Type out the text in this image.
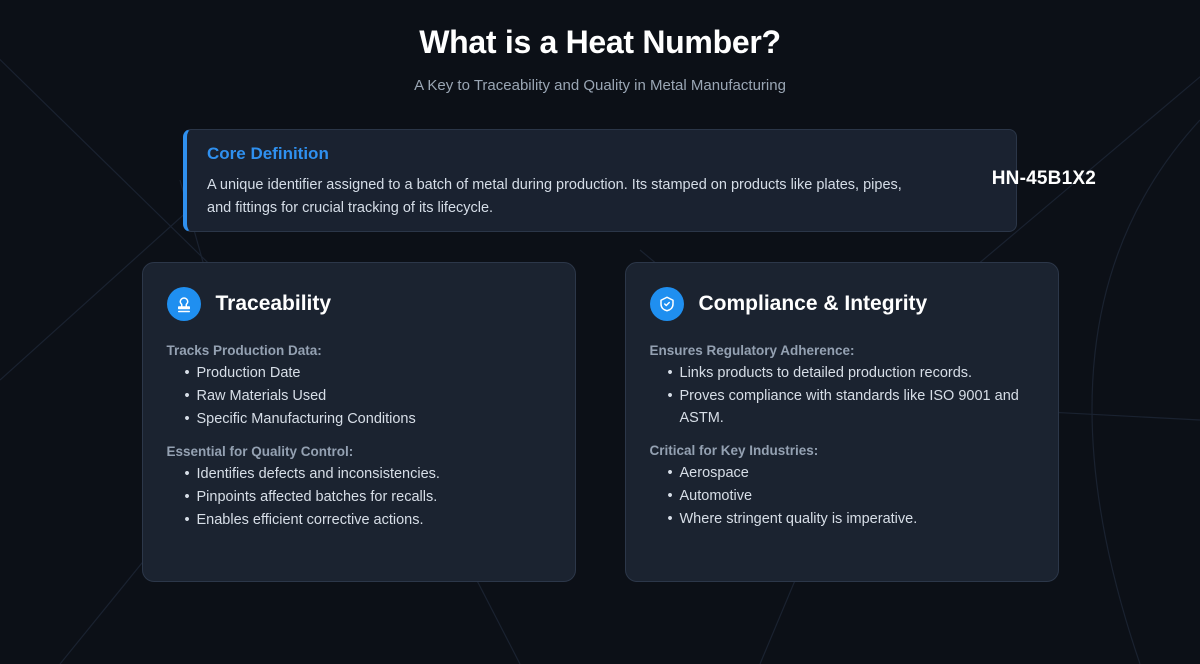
What is a Heat Number?
A Key to Traceability and Quality in Metal Manufacturing
Core Definition
A unique identifier assigned to a batch of metal during production. Its stamped on products like plates, pipes, and fittings for crucial tracking of its lifecycle.
HN-45B1X2
Traceability
Tracks Production Data:
• Production Date
• Raw Materials Used
• Specific Manufacturing Conditions
Essential for Quality Control:
• Identifies defects and inconsistencies.
• Pinpoints affected batches for recalls.
• Enables efficient corrective actions.
Compliance & Integrity
Ensures Regulatory Adherence:
• Links products to detailed production records.
• Proves compliance with standards like ISO 9001 and ASTM.
Critical for Key Industries:
• Aerospace
• Automotive
• Where stringent quality is imperative.
